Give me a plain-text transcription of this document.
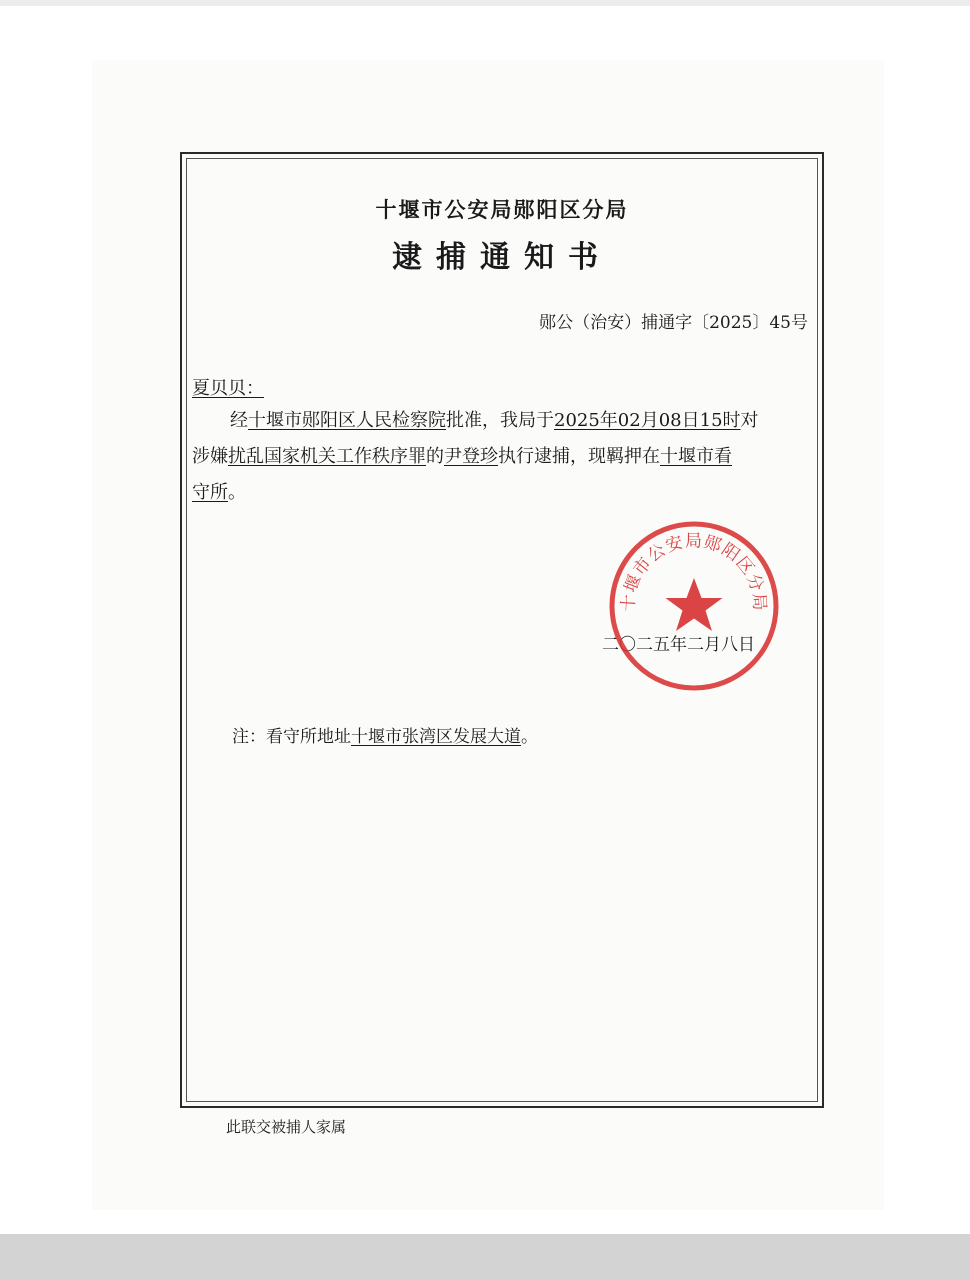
十堰市公安局郧阳区分局
逮捕通知书
郧公（治安）捕通字〔2025〕45号
夏贝贝：
经十堰市郧阳区人民检察院批准，我局于2025年02月08日15时对
涉嫌扰乱国家机关工作秩序罪的尹登珍执行逮捕，现羁押在十堰市看
守所。
二〇二五年二月八日
十堰市公安局郧阳区分局
注：看守所地址十堰市张湾区发展大道。
此联交被捕人家属
